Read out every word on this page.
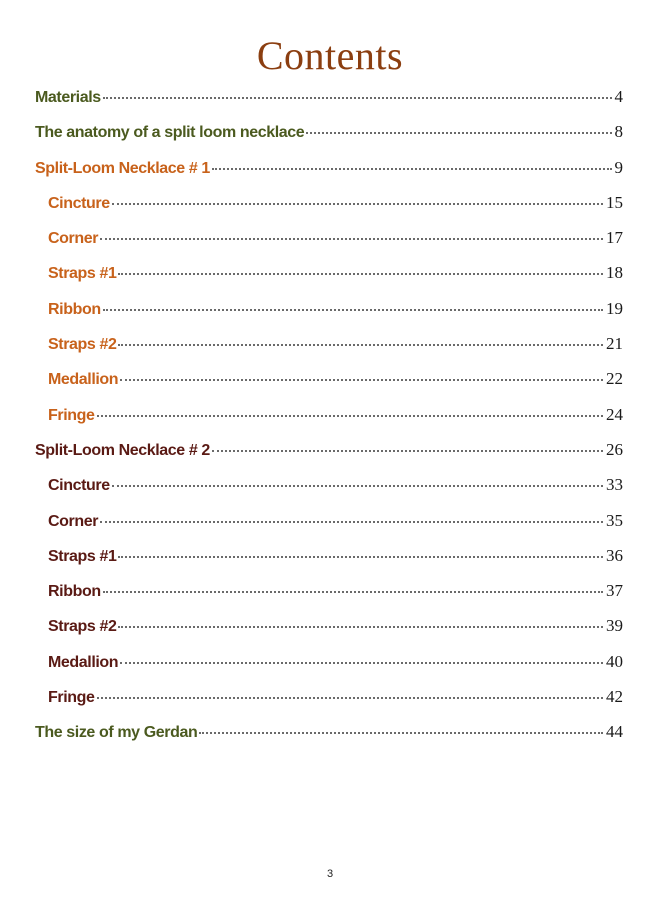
Contents
Materials	4
The anatomy of a split loom necklace	8
Split-Loom Necklace # 1	9
Cincture	15
Corner	17
Straps #1	18
Ribbon	19
Straps #2	21
Medallion	22
Fringe	24
Split-Loom Necklace # 2	26
Cincture	33
Corner	35
Straps #1	36
Ribbon	37
Straps #2	39
Medallion	40
Fringe	42
The size of my Gerdan	44
3
